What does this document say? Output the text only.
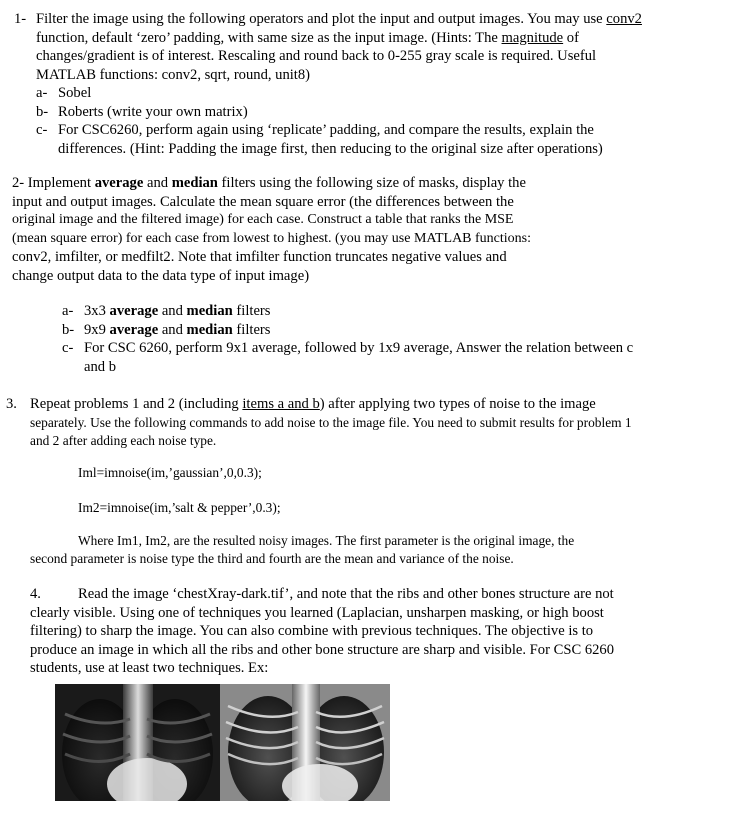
1- Filter the image using the following operators and plot the input and output images. You may use conv2
function, default ‘zero’ padding, with same size as the input image. (Hints: The magnitude of
changes/gradient is of interest. Rescaling and round back to 0-255 gray scale is required. Useful
MATLAB functions: conv2, sqrt, round, unit8)
a- Sobel
b- Roberts (write your own matrix)
c- For CSC6260, perform again using ‘replicate’ padding, and compare the results, explain the
differences. (Hint: Padding the image first, then reducing to the original size after operations)
2- Implement average and median filters using the following size of masks, display the
input and output images. Calculate the mean square error (the differences between the
original image and the filtered image) for each case. Construct a table that ranks the MSE
(mean square error) for each case from lowest to highest. (you may use MATLAB functions:
conv2, imfilter, or medfilt2. Note that imfilter function truncates negative values and
change output data to the data type of input image)
a- 3x3 average and median filters
b- 9x9 average and median filters
c- For CSC 6260, perform 9x1 average, followed by 1x9 average, Answer the relation between c
and b
3. Repeat problems 1 and 2 (including items a and b) after applying two types of noise to the image
separately. Use the following commands to add noise to the image file. You need to submit results for problem 1
and 2 after adding each noise type.
Iml=imnoise(im,’gaussian’,0,0.3);
Im2=imnoise(im,’salt & pepper’,0.3);
Where Im1, Im2, are the resulted noisy images. The first parameter is the original image, the
second parameter is noise type the third and fourth are the mean and variance of the noise.
4.	Read the image ‘chestXray-dark.tif’, and note that the ribs and other bones structure are not
clearly visible. Using one of techniques you learned (Laplacian, unsharpen masking, or high boost
filtering) to sharp the image. You can also combine with previous techniques. The objective is to
produce an image in which all the ribs and other bone structure are sharp and visible. For CSC 6260
students, use at least two techniques. Ex:
